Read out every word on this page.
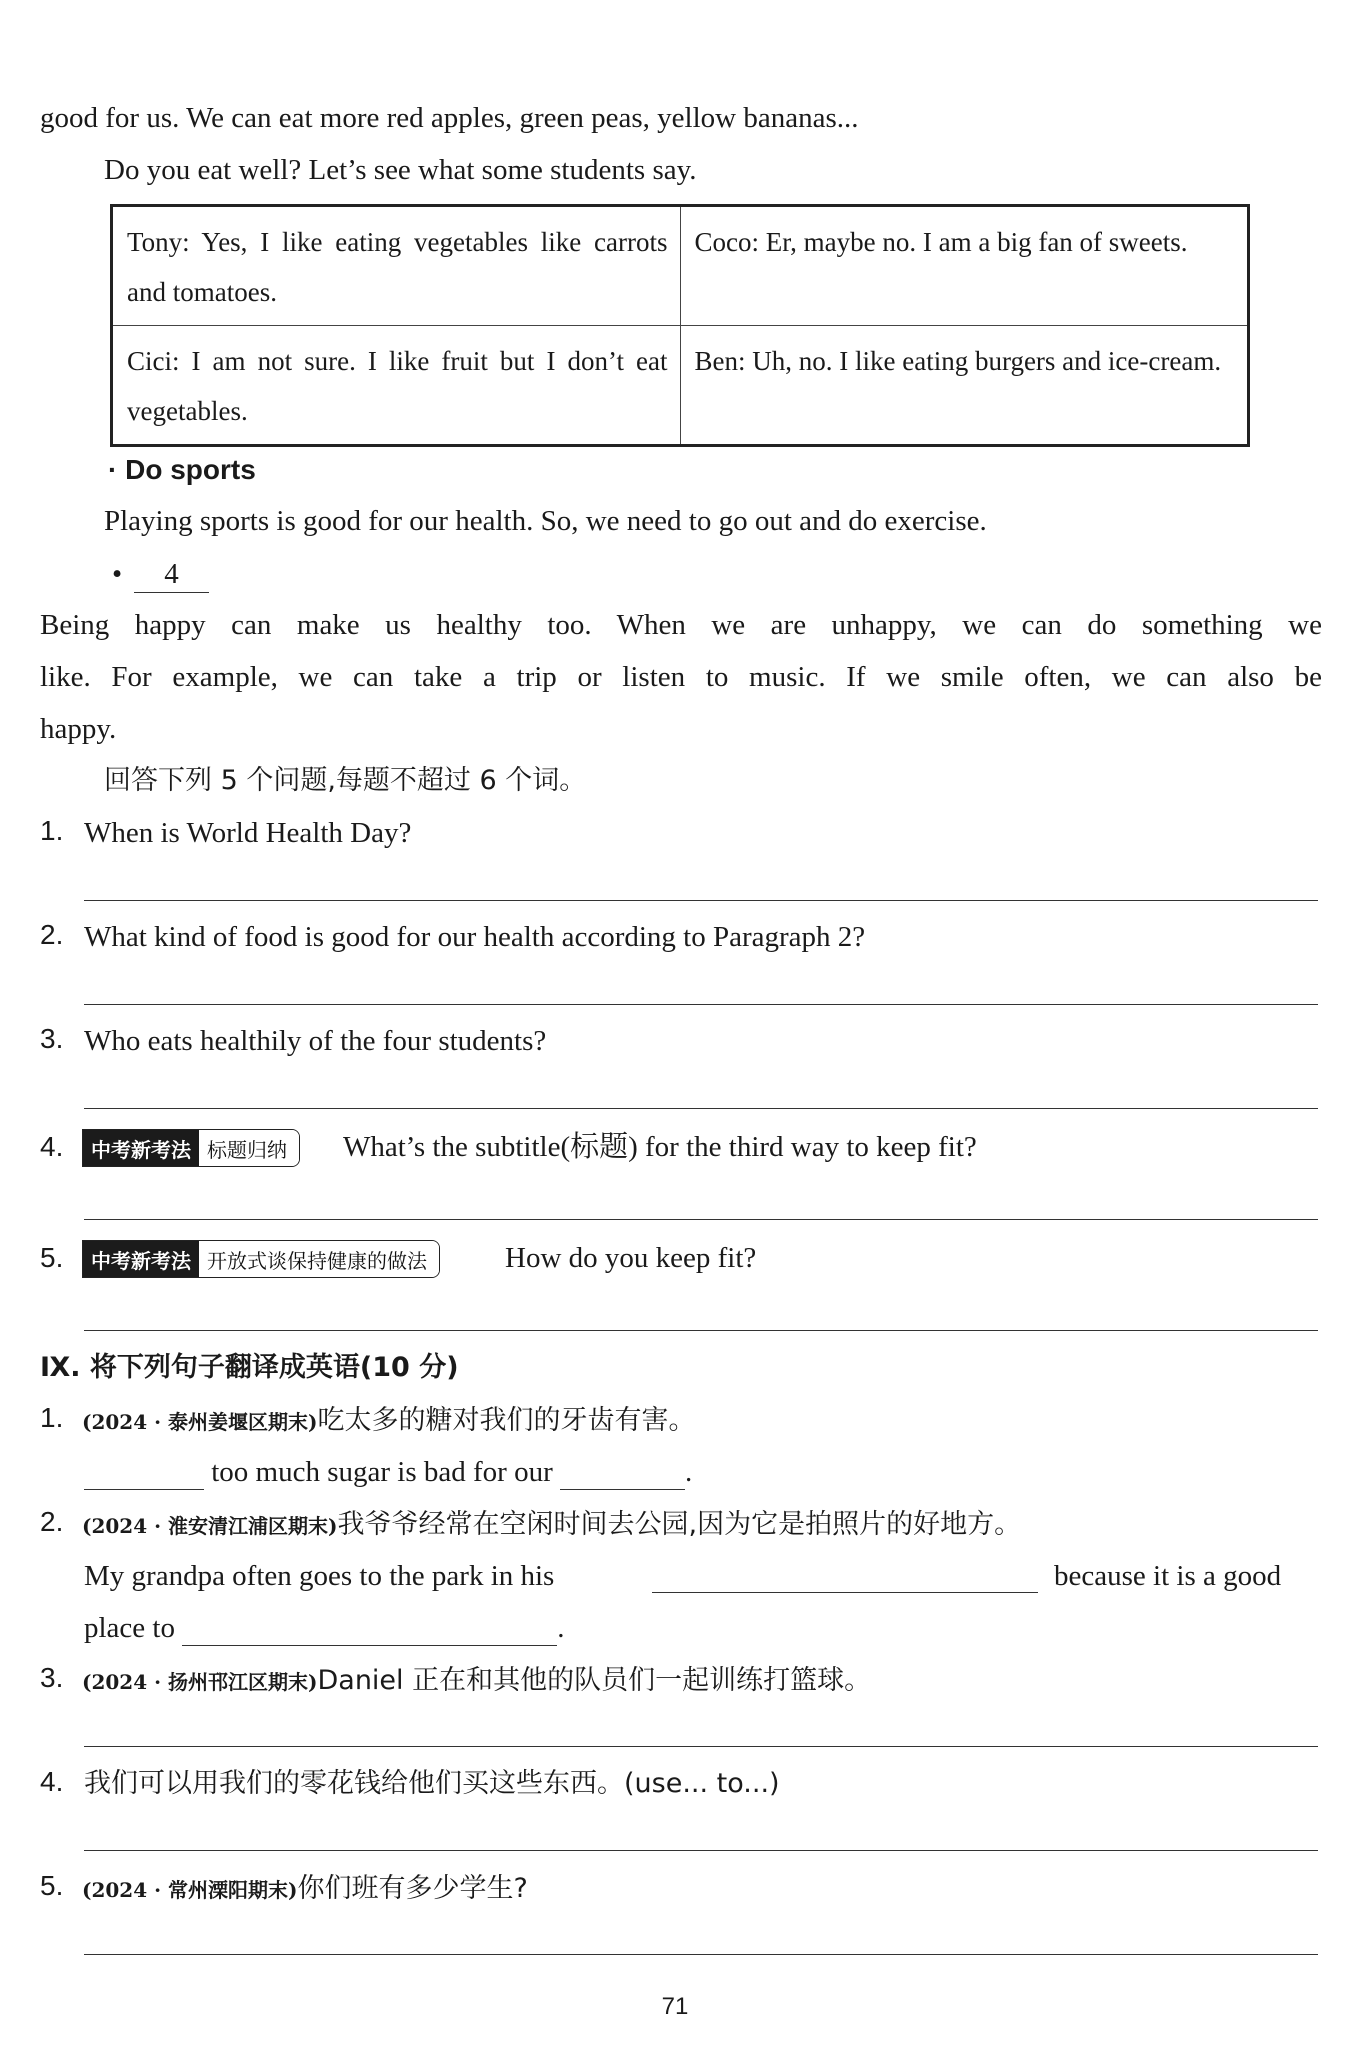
good for us. We can eat more red apples, green peas, yellow bananas...
Do you eat well? Let’s see what some students say.
Tony: Yes, I like eating vegetables like carrots and tomatoes.	Coco: Er, maybe no. I am a big fan of sweets.
Cici: I am not sure. I like fruit but I don’t eat vegetables.	Ben: Uh, no. I like eating burgers and ice-cream.
· Do sports
Playing sports is good for our health. So, we need to go out and do exercise.
•	4
Being happy can make us healthy too. When we are unhappy, we can do something we
like. For example, we can take a trip or listen to music. If we smile often, we can also be
happy.
回答下列 5 个问题,每题不超过 6 个词。
1. When is World Health Day?
2. What kind of food is good for our health according to Paragraph 2?
3. Who eats healthily of the four students?
4.	中考新考法 标题归纳	What’s the subtitle(标题) for the third way to keep fit?
5.	中考新考法 开放式谈保持健康的做法	How do you keep fit?
Ⅸ. 将下列句子翻译成英语(10 分)
1. (2024 · 泰州姜堰区期末)吃太多的糖对我们的牙齿有害。
too much sugar is bad for our	.
2. (2024 · 淮安清江浦区期末)我爷爷经常在空闲时间去公园,因为它是拍照片的好地方。
My grandpa often goes to the park in his	because it is a good
place to	.
3. (2024 · 扬州邗江区期末)Daniel 正在和其他的队员们一起训练打篮球。
4. 我们可以用我们的零花钱给他们买这些东西。(use... to...)
5. (2024 · 常州溧阳期末)你们班有多少学生?
71
